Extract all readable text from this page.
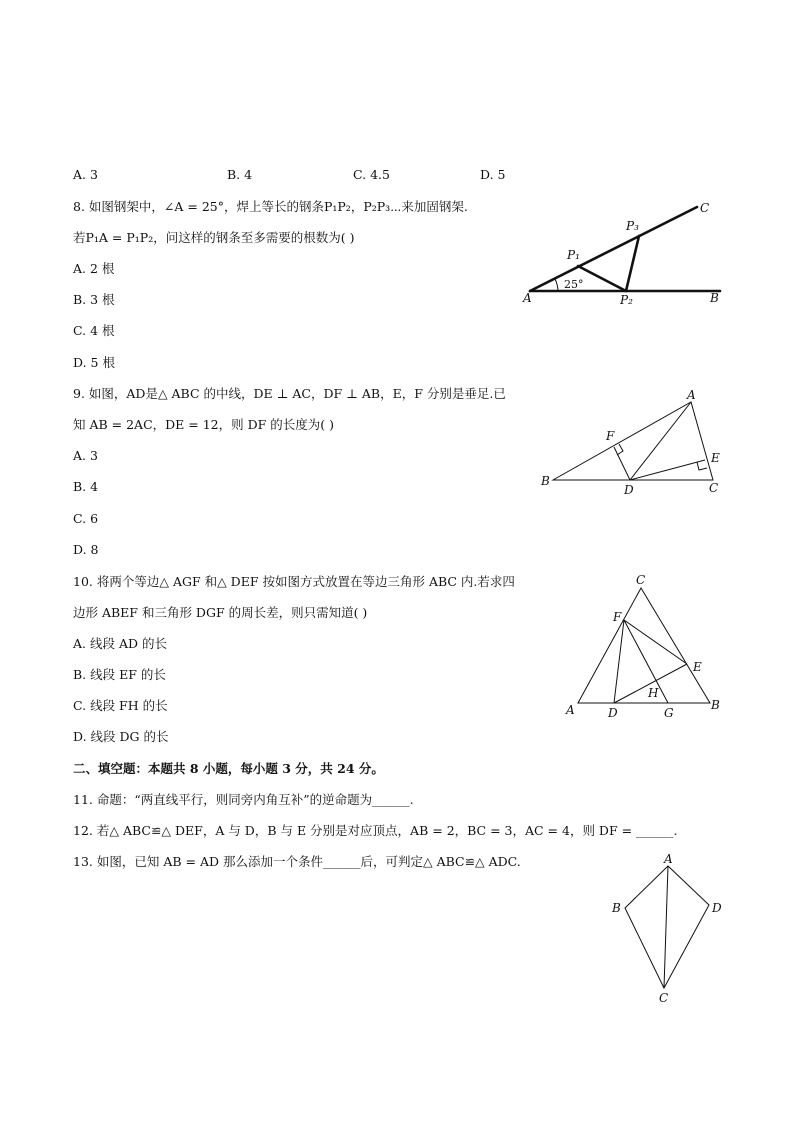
A. 3	B. 4	C. 4.5	D. 5
8. 如图钢架中，∠A = 25°，焊上等长的钢条P₁P₂，P₂P₃⋯来加固钢架.
若P₁A = P₁P₂，问这样的钢条至多需要的根数为( )
A. 2 根
B. 3 根
C. 4 根
D. 5 根
A	B
C
P₁
P₂
P₃
25°
9. 如图，AD是△ ABC 的中线，DE ⊥ AC，DF ⊥ AB，E，F 分别是垂足.已
知 AB = 2AC，DE = 12，则 DF 的长度为( )
A. 3
B. 4
C. 6
D. 8
A
B	C
D
E
F
10. 将两个等边△ AGF 和△ DEF 按如图方式放置在等边三角形 ABC 内.若求四
边形 ABEF 和三角形 DGF 的周长差，则只需知道( )
A. 线段 AD 的长
B. 线段 EF 的长
C. 线段 FH 的长
D. 线段 DG 的长
C
F
E
H
A	D	G
B
二、填空题：本题共 8 小题，每小题 3 分，共 24 分。
11. 命题：“两直线平行，则同旁内角互补”的逆命题为______.
12. 若△ ABC≌△ DEF，A 与 D，B 与 E 分别是对应顶点，AB = 2，BC = 3，AC = 4，则 DF = ______.
13. 如图，已知 AB = AD 那么添加一个条件______后，可判定△ ABC≌△ ADC.	A
B	D
C
